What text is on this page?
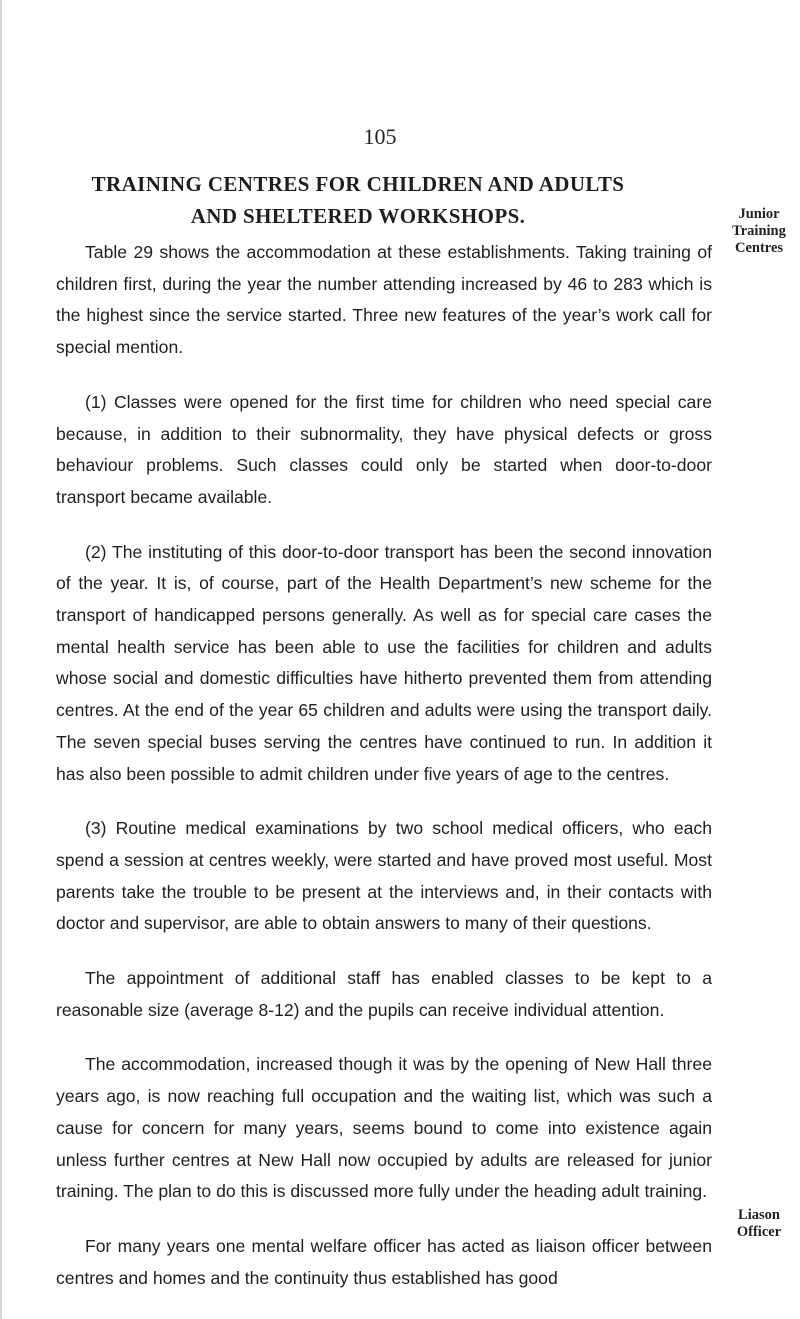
105
TRAINING CENTRES FOR CHILDREN AND ADULTS
AND SHELTERED WORKSHOPS.	Junior Training Centres

Table 29 shows the accommodation at these establishments. Taking training of children first, during the year the number attending increased by 46 to 283 which is the highest since the service started. Three new features of the year’s work call for special mention.

(1) Classes were opened for the first time for children who need special care because, in addition to their subnormality, they have physical defects or gross behaviour problems. Such classes could only be started when door-to-door transport became available.

(2) The instituting of this door-to-door transport has been the second innovation of the year. It is, of course, part of the Health Department’s new scheme for the transport of handicapped persons generally. As well as for special care cases the mental health service has been able to use the facilities for children and adults whose social and domestic difficulties have hitherto prevented them from attending centres. At the end of the year 65 children and adults were using the transport daily. The seven special buses serving the centres have continued to run. In addition it has also been possible to admit children under five years of age to the centres.

(3) Routine medical examinations by two school medical officers, who each spend a session at centres weekly, were started and have proved most useful. Most parents take the trouble to be present at the interviews and, in their contacts with doctor and supervisor, are able to obtain answers to many of their questions.

The appointment of additional staff has enabled classes to be kept to a reasonable size (average 8-12) and the pupils can receive individual attention.

The accommodation, increased though it was by the opening of New Hall three years ago, is now reaching full occupation and the waiting list, which was such a cause for concern for many years, seems bound to come into existence again unless further centres at New Hall now occupied by adults are released for junior training. The plan to do this is discussed more fully under the heading adult training.

For many years one mental welfare officer has acted as liaison officer between centres and homes and the continuity thus established has good

Liason Officer
